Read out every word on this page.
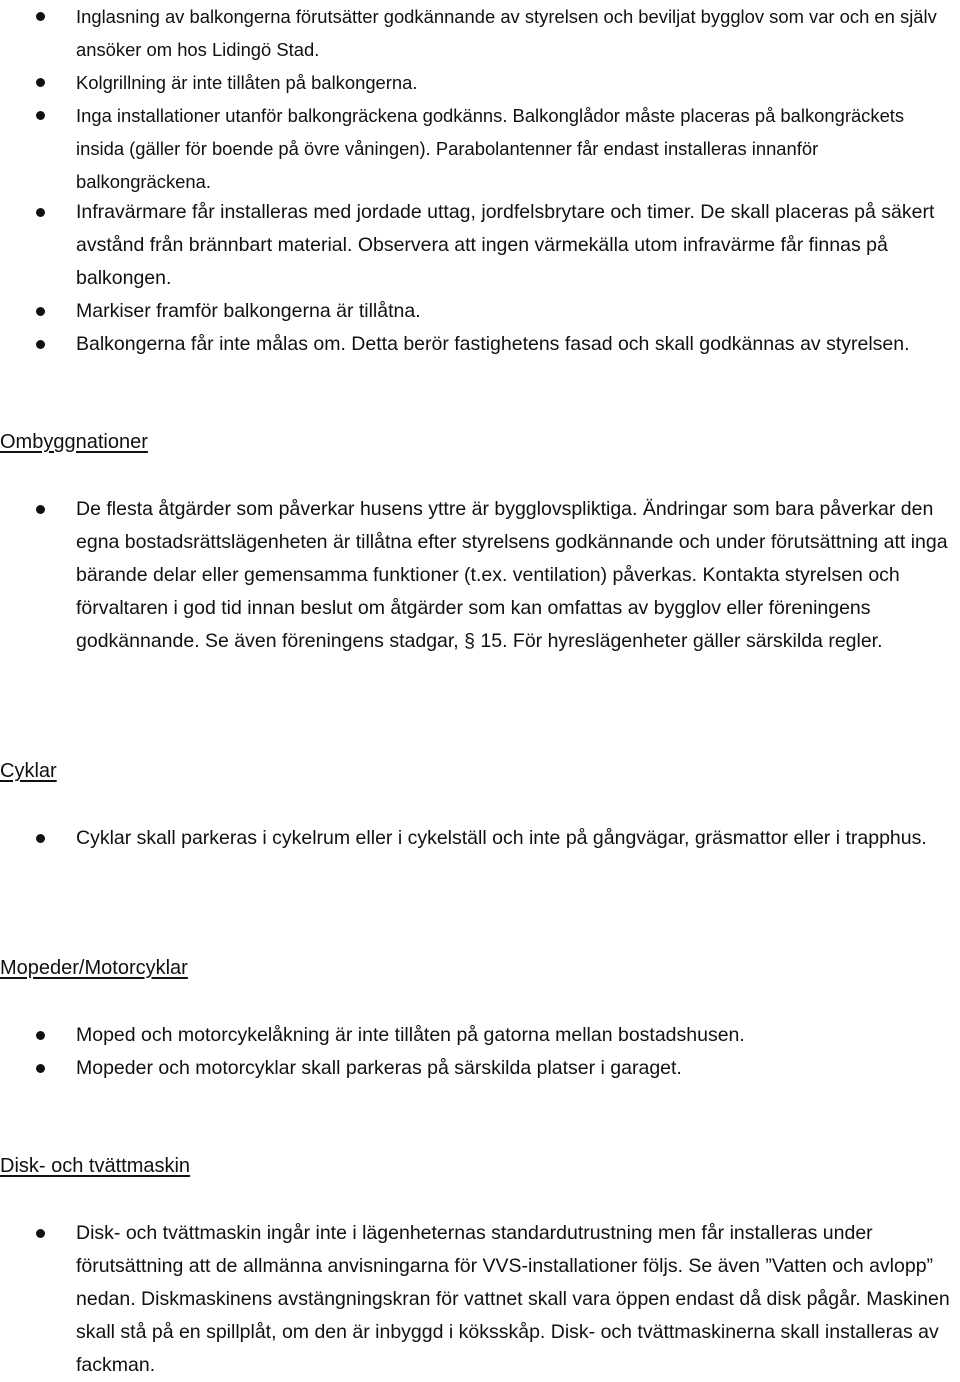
Inglasning av balkongerna förutsätter godkännande av styrelsen och beviljat bygglov som var och en själv ansöker om hos Lidingö Stad.
Kolgrillning är inte tillåten på balkongerna.
Inga installationer utanför balkongräckena godkänns. Balkonglådor måste placeras på balkongräckets insida (gäller för boende på övre våningen). Parabolantenner får endast installeras innanför balkongräckena.
Infravärmare får installeras med jordade uttag, jordfelsbrytare och timer. De skall placeras på säkert avstånd från brännbart material. Observera att ingen värmekälla utom infravärme får finnas på balkongen.
Markiser framför balkongerna är tillåtna.
Balkongerna får inte målas om. Detta berör fastighetens fasad och skall godkännas av styrelsen.
Ombyggnationer
De flesta åtgärder som påverkar husens yttre är bygglovspliktiga. Ändringar som bara påverkar den egna bostadsrättslägenheten är tillåtna efter styrelsens godkännande och under förutsättning att inga bärande delar eller gemensamma funktioner (t.ex. ventilation) påverkas. Kontakta styrelsen och förvaltaren i god tid innan beslut om åtgärder som kan omfattas av bygglov eller föreningens godkännande. Se även föreningens stadgar, § 15. För hyreslägenheter gäller särskilda regler.
Cyklar
Cyklar skall parkeras i cykelrum eller i cykelställ och inte på gångvägar, gräsmattor eller i trapphus.
Mopeder/Motorcyklar
Moped och motorcykelåkning är inte tillåten på gatorna mellan bostadshusen.
Mopeder och motorcyklar skall parkeras på särskilda platser i garaget.
Disk- och tvättmaskin
Disk- och tvättmaskin ingår inte i lägenheternas standardutrustning men får installeras under förutsättning att de allmänna anvisningarna för VVS-installationer följs. Se även ”Vatten och avlopp” nedan. Diskmaskinens avstängningskran för vattnet skall vara öppen endast då disk pågår. Maskinen skall stå på en spillplåt, om den är inbyggd i köksskåp. Disk- och tvättmaskinerna skall installeras av fackman.
